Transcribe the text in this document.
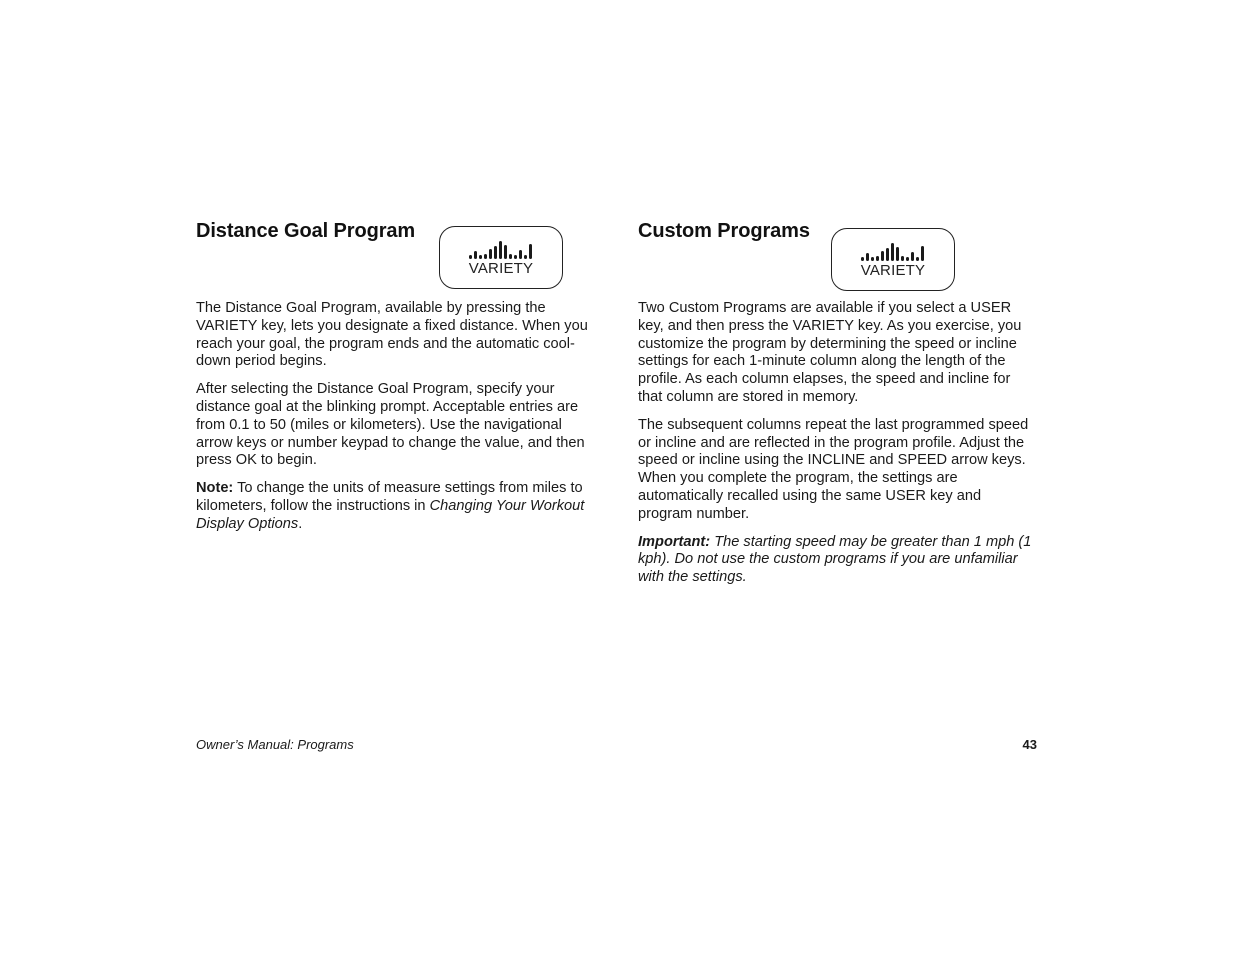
Distance Goal Program
VARIETY

The Distance Goal Program, available by pressing the VARIETY key, lets you designate a fixed distance. When you reach your goal, the program ends and the automatic cool-down period begins.

After selecting the Distance Goal Program, specify your distance goal at the blinking prompt. Acceptable entries are from 0.1 to 50 (miles or kilometers). Use the navigational arrow keys or number keypad to change the value, and then press OK to begin.

Note: To change the units of measure settings from miles to kilometers, follow the instructions in Changing Your Workout Display Options.

Custom Programs
VARIETY

Two Custom Programs are available if you select a USER key, and then press the VARIETY key. As you exercise, you customize the program by determining the speed or incline settings for each 1-minute column along the length of the profile. As each column elapses, the speed and incline for that column are stored in memory.

The subsequent columns repeat the last programmed speed or incline and are reflected in the program profile. Adjust the speed or incline using the INCLINE and SPEED arrow keys. When you complete the program, the settings are automatically recalled using the same USER key and program number.

Important: The starting speed may be greater than 1 mph (1 kph). Do not use the custom programs if you are unfamiliar with the settings.

Owner’s Manual: Programs	43
